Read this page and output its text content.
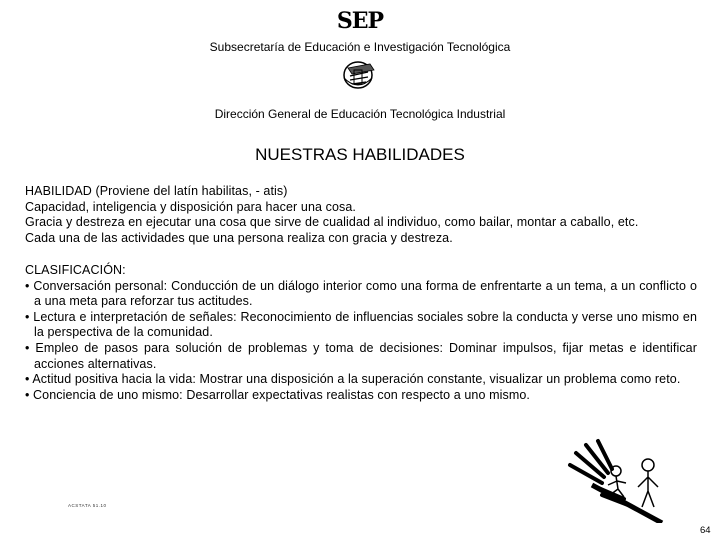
SEP
Subsecretaría de Educación e Investigación Tecnológica
Dirección General de Educación Tecnológica Industrial
NUESTRAS HABILIDADES
HABILIDAD (Proviene del latín habilitas, - atis)
Capacidad, inteligencia y disposición para hacer una cosa.
Gracia y destreza en ejecutar una cosa que sirve de cualidad al individuo, como bailar, montar a caballo, etc.
Cada una de las actividades que una persona realiza con gracia y destreza.
CLASIFICACIÓN:
• Conversación personal: Conducción de un diálogo interior como una forma de enfrentarte a un tema, a un conflicto o a una meta para reforzar tus actitudes.
• Lectura e interpretación de señales: Reconocimiento de influencias sociales sobre la conducta y verse uno mismo en la perspectiva de la comunidad.
• Empleo de pasos para solución de problemas y toma de decisiones: Dominar impulsos, fijar metas e identificar acciones alternativas.
• Actitud positiva hacia la vida: Mostrar una disposición a la superación constante, visualizar un problema como reto.
• Conciencia de uno mismo: Desarrollar expectativas realistas con respecto a uno mismo.
ACSTATA 51.10
64
